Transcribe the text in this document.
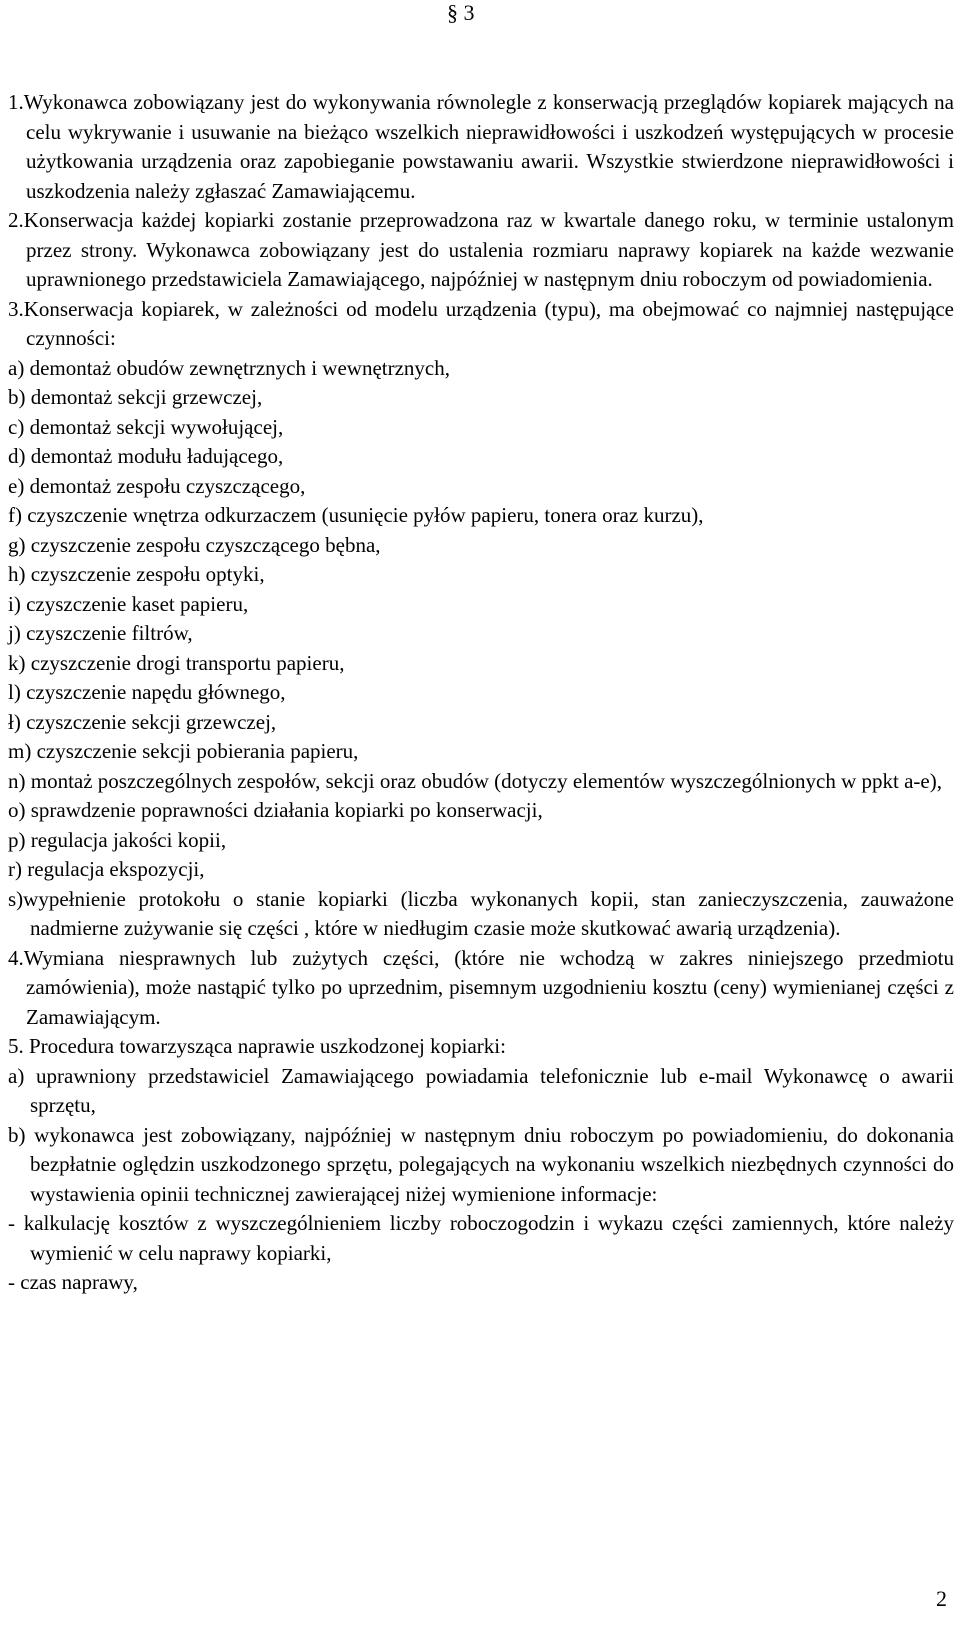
§ 3
1.Wykonawca zobowiązany jest do wykonywania równolegle z konserwacją przeglądów kopiarek mających na celu wykrywanie i usuwanie na bieżąco wszelkich nieprawidłowości i uszkodzeń występujących w procesie użytkowania urządzenia oraz zapobieganie powstawaniu awarii. Wszystkie stwierdzone nieprawidłowości i uszkodzenia należy zgłaszać Zamawiającemu.
2.Konserwacja każdej kopiarki zostanie przeprowadzona raz w kwartale danego roku, w terminie ustalonym przez strony. Wykonawca zobowiązany jest do ustalenia rozmiaru naprawy kopiarek na każde wezwanie uprawnionego przedstawiciela Zamawiającego, najpóźniej w następnym dniu roboczym od powiadomienia.
3.Konserwacja kopiarek, w zależności od modelu urządzenia (typu), ma obejmować co najmniej następujące czynności:
a) demontaż obudów zewnętrznych i wewnętrznych,
b) demontaż sekcji grzewczej,
c) demontaż sekcji wywołującej,
d) demontaż modułu ładującego,
e) demontaż zespołu czyszczącego,
f) czyszczenie wnętrza odkurzaczem (usunięcie pyłów papieru, tonera oraz kurzu),
g) czyszczenie zespołu czyszczącego bębna,
h) czyszczenie zespołu optyki,
i) czyszczenie kaset papieru,
j) czyszczenie filtrów,
k) czyszczenie drogi transportu papieru,
l) czyszczenie napędu głównego,
ł) czyszczenie sekcji grzewczej,
m) czyszczenie sekcji pobierania papieru,
n) montaż poszczególnych zespołów, sekcji oraz obudów (dotyczy elementów wyszczególnionych w ppkt a-e),
o) sprawdzenie poprawności działania kopiarki po konserwacji,
p) regulacja jakości kopii,
r) regulacja ekspozycji,
s)wypełnienie protokołu o stanie kopiarki (liczba wykonanych kopii, stan zanieczyszczenia, zauważone nadmierne zużywanie się części , które w niedługim czasie może skutkować awarią urządzenia).
4.Wymiana niesprawnych lub zużytych części, (które nie wchodzą w zakres niniejszego przedmiotu zamówienia), może nastąpić tylko po uprzednim, pisemnym uzgodnieniu kosztu (ceny) wymienianej części z Zamawiającym.
5. Procedura towarzysząca naprawie uszkodzonej kopiarki:
a) uprawniony przedstawiciel Zamawiającego powiadamia telefonicznie lub e-mail Wykonawcę o awarii sprzętu,
b) wykonawca jest zobowiązany, najpóźniej w następnym dniu roboczym po powiadomieniu, do dokonania bezpłatnie oględzin uszkodzonego sprzętu, polegających na wykonaniu wszelkich niezbędnych czynności do wystawienia opinii technicznej zawierającej niżej wymienione informacje:
- kalkulację kosztów z wyszczególnieniem liczby roboczogodzin i wykazu części zamiennych, które należy wymienić w celu naprawy kopiarki,
- czas naprawy,
2
